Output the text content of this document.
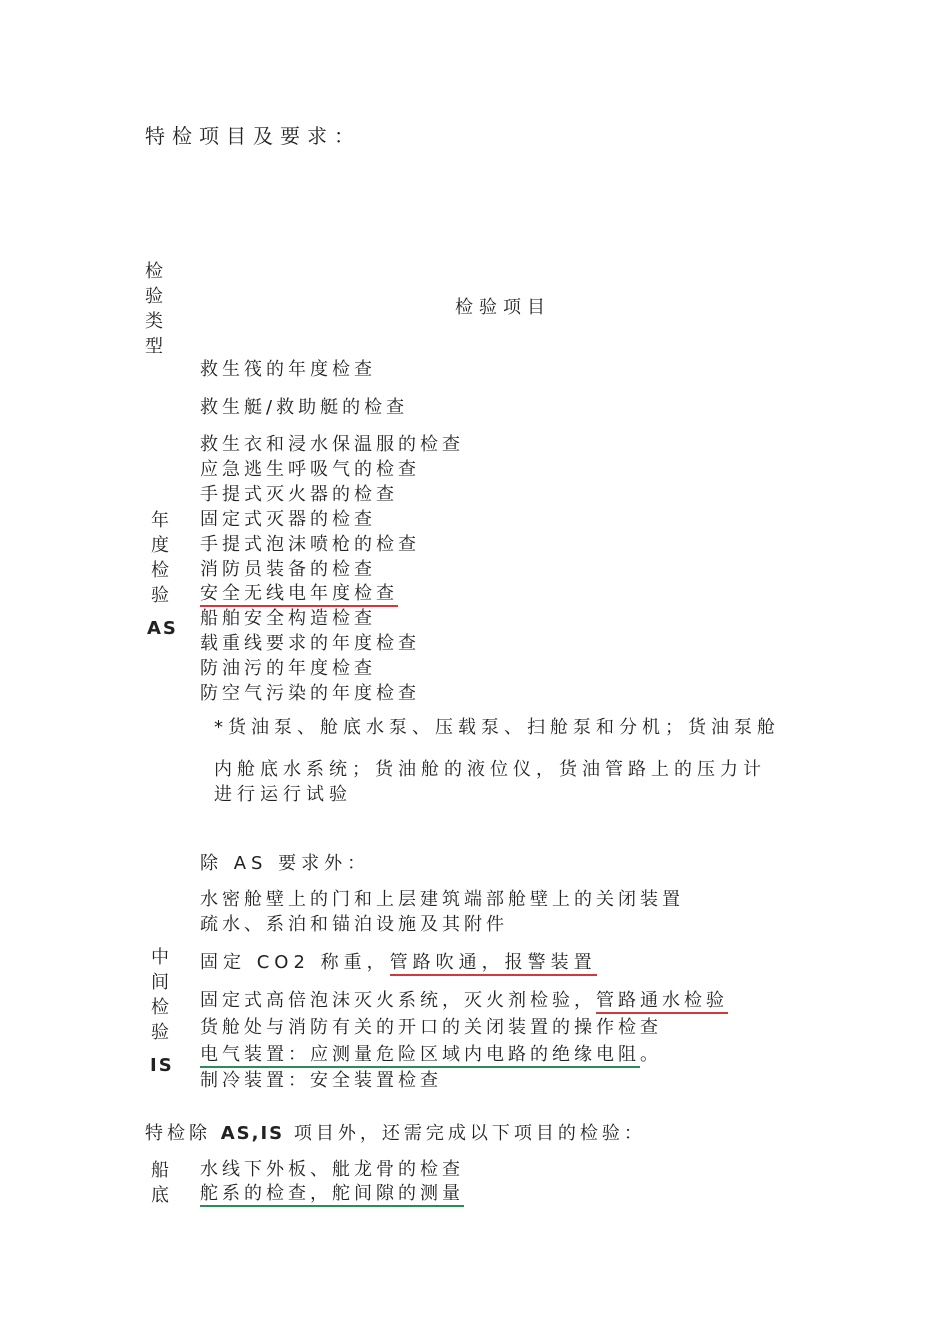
特检项目及要求：
检
验
类
型
检验项目
年
度
检
验
AS
救生筏的年度检查
救生艇/救助艇的检查
救生衣和浸水保温服的检查
应急逃生呼吸气的检查
手提式灭火器的检查
固定式灭器的检查
手提式泡沫喷枪的检查
消防员装备的检查
安全无线电年度检查
船舶安全构造检查
载重线要求的年度检查
防油污的年度检查
防空气污染的年度检查
*货油泵、舱底水泵、压载泵、扫舱泵和分机；货油泵舱
内舱底水系统；货油舱的液位仪，货油管路上的压力计
进行运行试验
除 AS 要求外：
中
间
检
验
IS
水密舱壁上的门和上层建筑端部舱壁上的关闭装置
疏水、系泊和锚泊设施及其附件
固定 CO2 称重，管路吹通，报警装置
固定式高倍泡沫灭火系统，灭火剂检验，管路通水检验
货舱处与消防有关的开口的关闭装置的操作检查
电气装置：应测量危险区域内电路的绝缘电阻。
制冷装置：安全装置检查
特检除 AS,IS 项目外，还需完成以下项目的检验：
船
底
水线下外板、舭龙骨的检查
舵系的检查，舵间隙的测量
